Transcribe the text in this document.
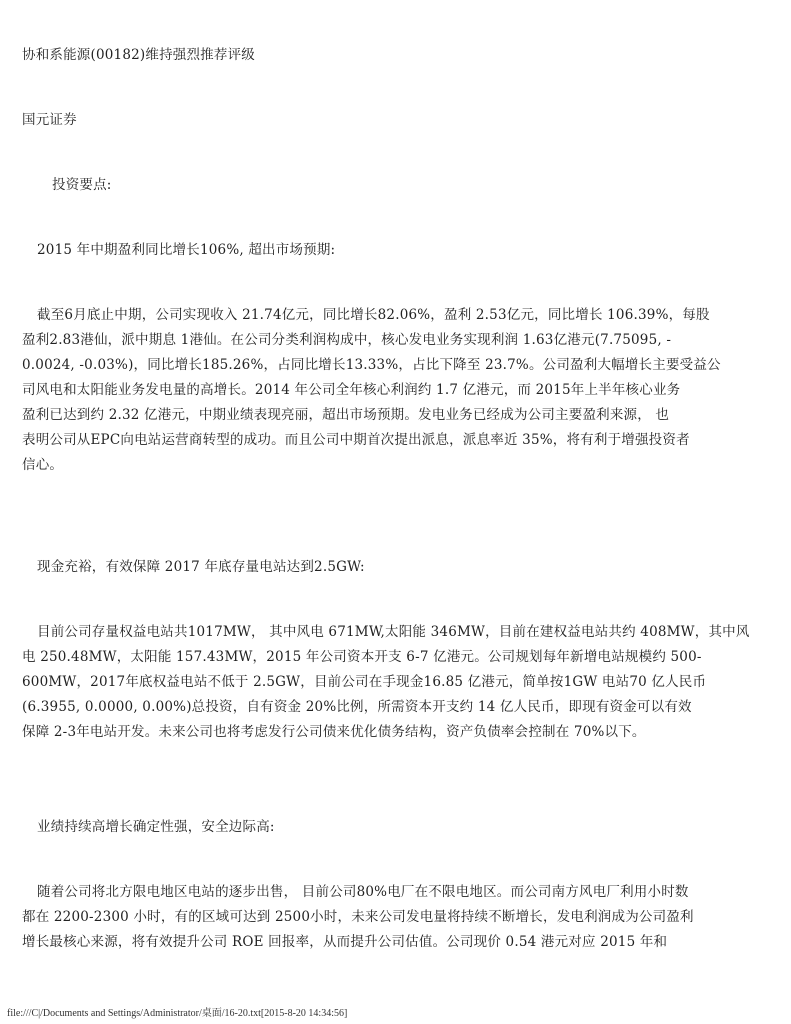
协和系能源(00182)维持强烈推荐评级
国元证券
投资要点:
2015 年中期盈利同比增长106%, 超出市场预期:
截至6月底止中期，公司实现收入 21.74亿元，同比增长82.06%，盈利 2.53亿元，同比增长 106.39%，每股
盈利2.83港仙，派中期息 1港仙。在公司分类利润构成中，核心发电业务实现利润 1.63亿港元(7.75095, -
0.0024, -0.03%)，同比增长185.26%，占同比增长13.33%，占比下降至 23.7%。公司盈利大幅增长主要受益公
司风电和太阳能业务发电量的高增长。2014 年公司全年核心利润约 1.7 亿港元，而 2015年上半年核心业务
盈利已达到约 2.32 亿港元，中期业绩表现亮丽，超出市场预期。发电业务已经成为公司主要盈利来源， 也
表明公司从EPC向电站运营商转型的成功。而且公司中期首次提出派息，派息率近 35%，将有利于增强投资者
信心。
现金充裕，有效保障 2017 年底存量电站达到2.5GW:
目前公司存量权益电站共1017MW， 其中风电 671MW,太阳能 346MW，目前在建权益电站共约 408MW，其中风
电 250.48MW，太阳能 157.43MW，2015 年公司资本开支 6-7 亿港元。公司规划每年新增电站规模约 500-
600MW，2017年底权益电站不低于 2.5GW，目前公司在手现金16.85 亿港元，简单按1GW 电站70 亿人民币
(6.3955, 0.0000, 0.00%)总投资，自有资金 20%比例，所需资本开支约 14 亿人民币，即现有资金可以有效
保障 2-3年电站开发。未来公司也将考虑发行公司债来优化债务结构，资产负债率会控制在 70%以下。
业绩持续高增长确定性强，安全边际高:
随着公司将北方限电地区电站的逐步出售， 目前公司80%电厂在不限电地区。而公司南方风电厂利用小时数
都在 2200-2300 小时，有的区域可达到 2500小时，未来公司发电量将持续不断增长，发电利润成为公司盈利
增长最核心来源，将有效提升公司 ROE 回报率，从而提升公司估值。公司现价 0.54 港元对应 2015 年和
file:///C|/Documents and Settings/Administrator/桌面/16-20.txt[2015-8-20 14:34:56]
